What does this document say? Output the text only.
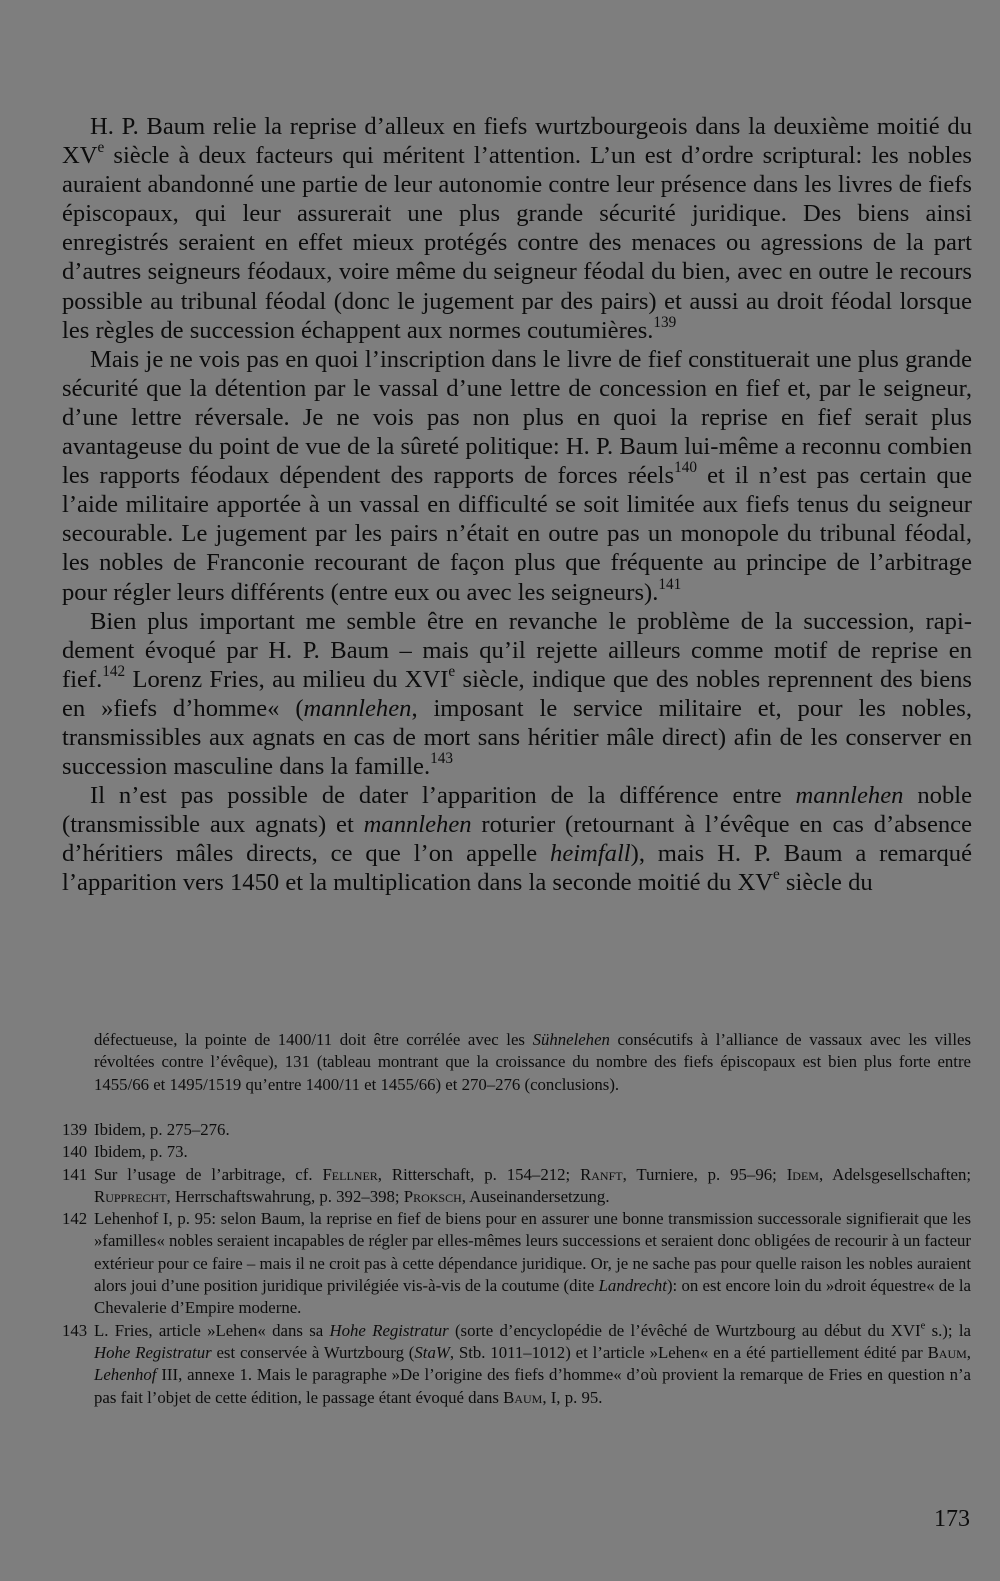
H. P. Baum relie la reprise d’alleux en fiefs wurtzbourgeois dans la deuxième moitié du XVe siècle à deux facteurs qui méritent l’attention. L’un est d’ordre scriptural: les nobles auraient abandonné une partie de leur autonomie contre leur présence dans les livres de fiefs épiscopaux, qui leur assurerait une plus grande sécurité juridique. Des biens ainsi enregistrés seraient en effet mieux protégés contre des menaces ou agressions de la part d’autres seigneurs féodaux, voire même du seigneur féodal du bien, avec en outre le recours possible au tribunal féodal (donc le jugement par des pairs) et aussi au droit féodal lorsque les règles de succession échappent aux normes coutumières.$^{139}$

Mais je ne vois pas en quoi l’inscription dans le livre de fief constituerait une plus grande sécurité que la détention par le vassal d’une lettre de concession en fief et, par le seigneur, d’une lettre réversale. Je ne vois pas non plus en quoi la reprise en fief serait plus avantageuse du point de vue de la sûreté politique: H. P. Baum lui-même a reconnu combien les rapports féodaux dépendent des rapports de forces réels$^{140}$ et il n’est pas certain que l’aide militaire apportée à un vassal en difficulté se soit limitée aux fiefs tenus du seigneur secourable. Le jugement par les pairs n’était en outre pas un monopole du tribunal féodal, les nobles de Franconie recourant de façon plus que fréquente au principe de l’arbitrage pour régler leurs différents (entre eux ou avec les seigneurs).$^{141}$

Bien plus important me semble être en revanche le problème de la succession, rapidement évoqué par H. P. Baum – mais qu’il rejette ailleurs comme motif de reprise en fief.$^{142}$ Lorenz Fries, au milieu du XVIe siècle, indique que des nobles reprennent des biens en »fiefs d’homme« (mannlehen, imposant le service militaire et, pour les nobles, transmissibles aux agnats en cas de mort sans héritier mâle direct) afin de les conserver en succession masculine dans la famille.$^{143}$

Il n’est pas possible de dater l’apparition de la différence entre mannlehen noble (transmissible aux agnats) et mannlehen roturier (retournant à l’évêque en cas d’absence d’héritiers mâles directs, ce que l’on appelle heimfall), mais H. P. Baum a remarqué l’apparition vers 1450 et la multiplication dans la seconde moitié du XVe siècle du

défectueuse, la pointe de 1400/11 doit être corrélée avec les Sühnelehen consécutifs à l’alliance de vassaux avec les villes révoltées contre l’évêque), 131 (tableau montrant que la croissance du nombre des fiefs épiscopaux est bien plus forte entre 1455/66 et 1495/1519 qu’entre 1400/11 et 1455/66) et 270–276 (conclusions).

139 Ibidem, p. 275–276.
140 Ibidem, p. 73.
141 Sur l’usage de l’arbitrage, cf. Fellner, Ritterschaft, p. 154–212; Ranft, Turniere, p. 95–96; Idem, Adelsgesellschaften; Rupprecht, Herrschaftswahrung, p. 392–398; Proksch, Auseinandersetzung.
142 Lehenhof I, p. 95: selon Baum, la reprise en fief de biens pour en assurer une bonne transmission successorale signifierait que les »familles« nobles seraient incapables de régler par elles-mêmes leurs successions et seraient donc obligées de recourir à un facteur extérieur pour ce faire – mais il ne croit pas à cette dépendance juridique. Or, je ne sache pas pour quelle raison les nobles auraient alors joui d’une position juridique privilégiée vis-à-vis de la coutume (dite Landrecht): on est encore loin du »droit équestre« de la Chevalerie d’Empire moderne.
143 L. Fries, article »Lehen« dans sa Hohe Registratur (sorte d’encyclopédie de l’évêché de Wurtzbourg au début du XVIe s.); la Hohe Registratur est conservée à Wurtzbourg (StaW, Stb. 1011–1012) et l’article »Lehen« en a été partiellement édité par Baum, Lehenhof III, annexe 1. Mais le paragraphe »De l’origine des fiefs d’homme« d’où provient la remarque de Fries en question n’a pas fait l’objet de cette édition, le passage étant évoqué dans Baum, I, p. 95.
173
